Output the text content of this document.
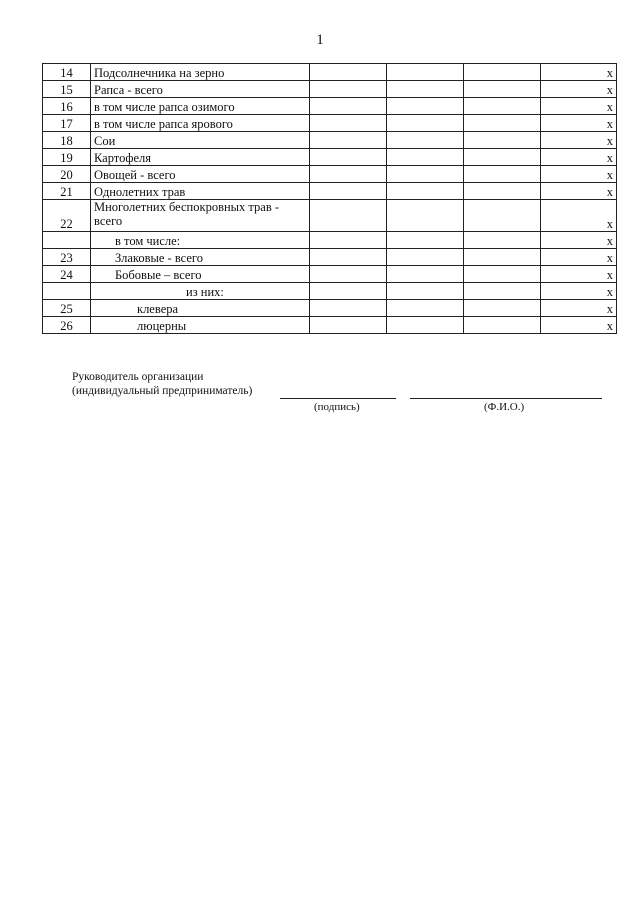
1
14	Подсолнечника на зерно				x
15	Рапса - всего				x
16	в том числе рапса озимого				x
17	в том числе рапса ярового				x
18	Сои				x
19	Картофеля				x
20	Овощей - всего				x
21	Однолетних трав				x
22	Многолетних беспокровных трав - всего				x
	в том числе:				x
23	Злаковые - всего				x
24	Бобовые – всего				x
	из них:				x
25	клевера				x
26	люцерны				x
Руководитель организации
(индивидуальный предприниматель)
(подпись)	(Ф.И.О.)
